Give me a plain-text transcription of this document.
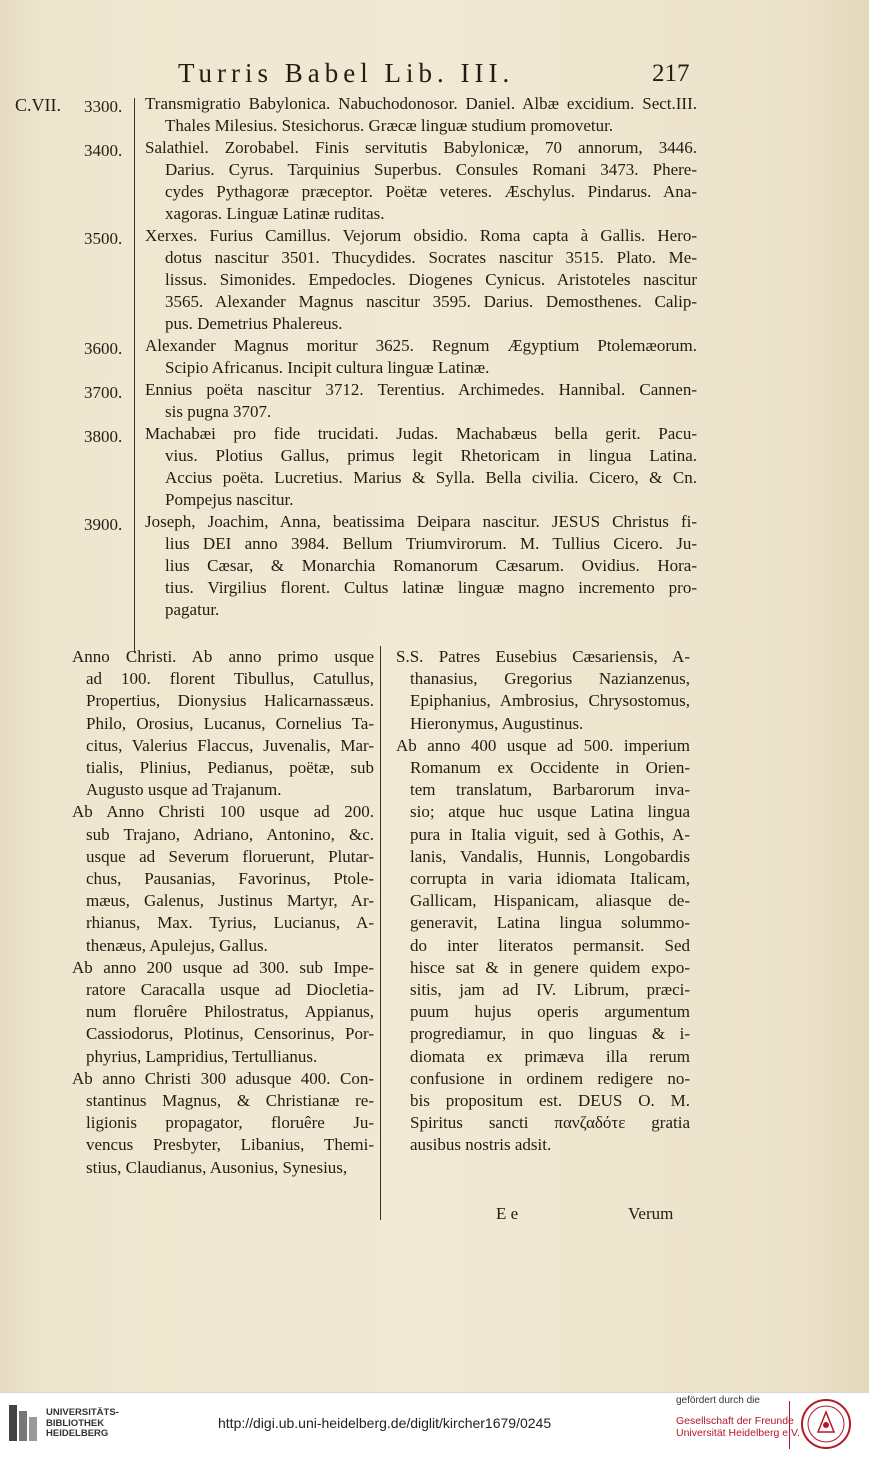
Turris Babel Lib. III.	217
C.VII. 3300.	Transmigratio Babylonica. Nabuchodonosor. Daniel. Albæ excidium. Sect.III.
Thales Milesius. Stesichorus. Græcæ linguæ studium promovetur.
3400.	Salathiel. Zorobabel. Finis servitutis Babylonicæ, 70 annorum, 3446.
Darius. Cyrus. Tarquinius Superbus. Consules Romani 3473. Phere-
cydes Pythagoræ præceptor. Poëtæ veteres. Æschylus. Pindarus. Ana-
xagoras. Linguæ Latinæ ruditas.
3500.	Xerxes. Furius Camillus. Vejorum obsidio. Roma capta à Gallis. Hero-
dotus nascitur 3501. Thucydides. Socrates nascitur 3515. Plato. Me-
lissus. Simonides. Empedocles. Diogenes Cynicus. Aristoteles nascitur
3565. Alexander Magnus nascitur 3595. Darius. Demosthenes. Calip-
pus. Demetrius Phalereus.
3600.	Alexander Magnus moritur 3625. Regnum Ægyptium Ptolemæorum.
Scipio Africanus. Incipit cultura linguæ Latinæ.
3700.	Ennius poëta nascitur 3712. Terentius. Archimedes. Hannibal. Cannen-
sis pugna 3707.
3800.	Machabæi pro fide trucidati. Judas. Machabæus bella gerit. Pacu-
vius. Plotius Gallus, primus legit Rhetoricam in lingua Latina.
Accius poëta. Lucretius. Marius & Sylla. Bella civilia. Cicero, & Cn.
Pompejus nascitur.
3900.	Joseph, Joachim, Anna, beatissima Deipara nascitur. JESUS Christus fi-
lius DEI anno 3984. Bellum Triumvirorum. M. Tullius Cicero. Ju-
lius Cæsar, & Monarchia Romanorum Cæsarum. Ovidius. Hora-
tius. Virgilius florent. Cultus latinæ linguæ magno incremento pro-
pagatur.
Anno Christi. Ab anno primo usque
ad 100. florent Tibullus, Catullus,
Propertius, Dionysius Halicarnassæus.
Philo, Orosius, Lucanus, Cornelius Ta-
citus, Valerius Flaccus, Juvenalis, Mar-
tialis, Plinius, Pedianus, poëtæ, sub
Augusto usque ad Trajanum.
Ab Anno Christi 100 usque ad 200.
sub Trajano, Adriano, Antonino, &c.
usque ad Severum floruerunt, Plutar-
chus, Pausanias, Favorinus, Ptole-
mæus, Galenus, Justinus Martyr, Ar-
rhianus, Max. Tyrius, Lucianus, A-
thenæus, Apulejus, Gallus.
Ab anno 200 usque ad 300. sub Impe-
ratore Caracalla usque ad Diocletia-
num floruêre Philostratus, Appianus,
Cassiodorus, Plotinus, Censorinus, Por-
phyrius, Lampridius, Tertullianus.
Ab anno Christi 300 adusque 400. Con-
stantinus Magnus, & Christianæ re-
ligionis propagator, floruêre Ju-
vencus Presbyter, Libanius, Themi-
stius, Claudianus, Ausonius, Synesius,
S.S. Patres Eusebius Cæsariensis, A-
thanasius, Gregorius Nazianzenus,
Epiphanius, Ambrosius, Chrysostomus,
Hieronymus, Augustinus.
Ab anno 400 usque ad 500. imperium
Romanum ex Occidente in Orien-
tem translatum, Barbarorum inva-
sio; atque huc usque Latina lingua
pura in Italia viguit, sed à Gothis, A-
lanis, Vandalis, Hunnis, Longobardis
corrupta in varia idiomata Italicam,
Gallicam, Hispanicam, aliasque de-
generavit, Latina lingua solummo-
do inter literatos permansit. Sed
hisce sat & in genere quidem expo-
sitis, jam ad IV. Librum, præci-
puum hujus operis argumentum
progrediamur, in quo linguas & i-
diomata ex primæva illa rerum
confusione in ordinem redigere no-
bis propositum est. DEUS O. M.
Spiritus sancti πανζαδότε gratia
ausibus nostris adsit.
E e	Verum
UNIVERSITÄTS-
BIBLIOTHEK
HEIDELBERG
http://digi.ub.uni-heidelberg.de/diglit/kircher1679/0245
gefördert durch die
Gesellschaft der Freunde
Universität Heidelberg e.V.
